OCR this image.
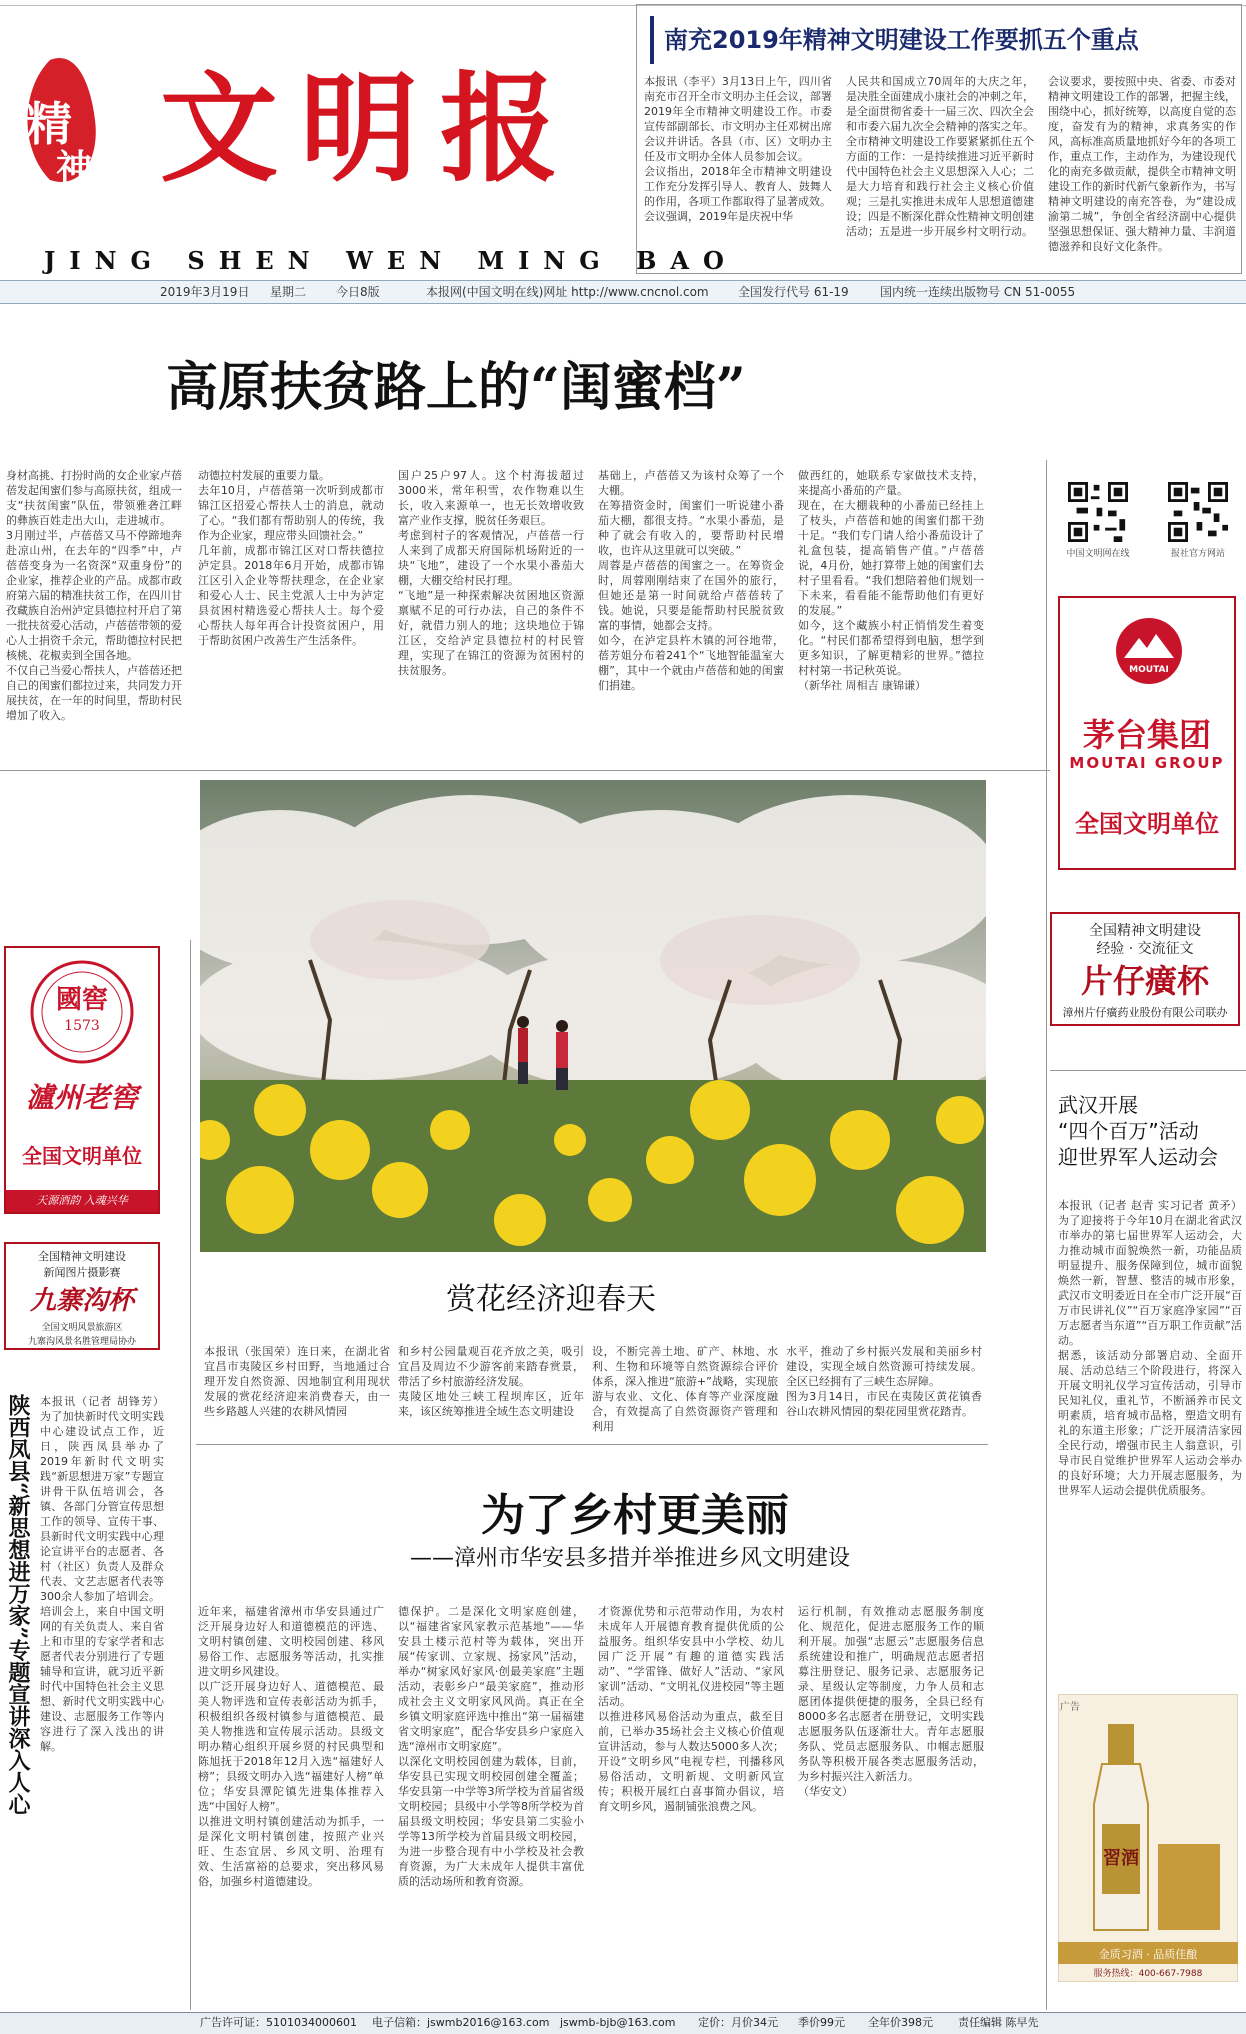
精
神 文明报
JING SHEN WEN MING BAO
2019年3月19日 星期二 今日8版	本报网(中国文明在线)网址 http://www.cncnol.com 全国发行代号 61-19	国内统一连续出版物号 CN 51-0055
南充2019年精神文明建设工作要抓五个重点
本报讯（李平）3月13日上午，四川省南充市召开全市文明办主任会议，部署2019年全市精神文明建设工作。市委宣传部副部长、市文明办主任邓树出席会议并讲话。各县（市、区）文明办主任及市文明办全体人员参加会议。
会议指出，2018年全市精神文明建设工作充分发挥引导人、教育人、鼓舞人的作用，各项工作都取得了显著成效。
会议强调，2019年是庆祝中华
人民共和国成立70周年的大庆之年，是决胜全面建成小康社会的冲刺之年，是全面贯彻省委十一届三次、四次全会和市委六届九次全会精神的落实之年。全市精神文明建设工作要紧紧抓住五个方面的工作：一是持续推进习近平新时代中国特色社会主义思想深入人心；二是大力培育和践行社会主义核心价值观；三是扎实推进未成年人思想道德建设；四是不断深化群众性精神文明创建活动；五是进一步开展乡村文明行动。
会议要求，要按照中央、省委、市委对精神文明建设工作的部署，把握主线，围绕中心，抓好统筹，以高度自觉的态度，奋发有为的精神，求真务实的作风，高标准高质量地抓好今年的各项工作，重点工作，主动作为，为建设现代化的南充多做贡献，提供全市精神文明建设工作的新时代新气象新作为，书写精神文明建设的南充答卷，为“建设成渝第二城”，争创全省经济副中心提供坚强思想保证、强大精神力量、丰润道德滋养和良好文化条件。
高原扶贫路上的“闺蜜档”
身材高挑、打扮时尚的女企业家卢蓓蓓发起闺蜜们参与高原扶贫，组成一支“扶贫闺蜜”队伍，带领雅砻江畔的彝族百姓走出大山，走进城市。
3月刚过半，卢蓓蓓又马不停蹄地奔赴凉山州，在去年的“四季”中，卢蓓蓓变身为一名资深“双重身份”的企业家，推荐企业的产品。成都市政府第六届的精准扶贫工作，在四川甘孜藏族自治州泸定县德拉村开启了第一批扶贫爱心活动，卢蓓蓓带领的爱心人士捐资千余元，帮助德拉村民把核桃、花椒卖到全国各地。
不仅自己当爱心帮扶人，卢蓓蓓还把自己的闺蜜们都拉过来，共同发力开展扶贫，在一年的时间里，帮助村民增加了收入。
动德拉村发展的重要力量。
去年10月，卢蓓蓓第一次听到成都市锦江区招爱心帮扶人士的消息，就动了心。“我们都有帮助别人的传统，我作为企业家，理应带头回馈社会。”
几年前，成都市锦江区对口帮扶德拉泸定县。2018年6月开始，成都市锦江区引入企业等帮扶理念，在企业家和爱心人士、民主党派人士中为泸定县贫困村精选爱心帮扶人士。每个爱心帮扶人每年再合计投资贫困户，用于帮助贫困户改善生产生活条件。
国户25户97人。这个村海拔超过3000米，常年积雪，农作物难以生长，收入来源单一，也无长效增收致富产业作支撑，脱贫任务艰巨。
考虑到村子的客观情况，卢蓓蓓一行人来到了成都天府国际机场附近的一块“飞地”，建设了一个水果小番茄大棚，大棚交给村民打理。
“飞地”是一种探索解决贫困地区资源禀赋不足的可行办法，自己的条件不好，就借力别人的地；这块地位于锦江区，交给泸定县德拉村的村民管理，实现了在锦江的资源为贫困村的扶贫服务。
基础上，卢蓓蓓又为该村众筹了一个大棚。
在筹措资金时，闺蜜们一听说建小番茄大棚，都很支持。“水果小番茄，是种了就会有收入的，要帮助村民增收，也许从这里就可以突破。”
周蓉是卢蓓蓓的闺蜜之一。在筹资金时，周蓉刚刚结束了在国外的旅行，但她还是第一时间就给卢蓓蓓转了钱。她说，只要是能帮助村民脱贫致富的事情，她都会支持。
如今，在泸定县杵木镇的河谷地带，蓓芳姐分布着241个“飞地智能温室大棚”，其中一个就由卢蓓蓓和她的闺蜜们捐建。
做西红的，她联系专家做技术支持，来提高小番茄的产量。
现在，在大棚栽种的小番茄已经挂上了枝头，卢蓓蓓和她的闺蜜们都干劲十足。“我们专门请人给小番茄设计了礼盒包装，提高销售产值。”卢蓓蓓说，4月份，她打算带上她的闺蜜们去村子里看看。“我们想陪着他们规划一下未来，看看能不能帮助他们有更好的发展。”
如今，这个藏族小村正悄悄发生着变化。“村民们都希望得到电脑，想学到更多知识，了解更精彩的世界。”德拉村村第一书记秋英说。
（新华社 周相吉 康锦谦）
中国文明网在线	报社官方网站
MOUTAI
茅台集团
MOUTAI GROUP
全国文明单位
全国精神文明建设
经验 · 交流征文
片仔癀杯
漳州片仔癀药业股份有限公司联办
國窖
1573
瀘州老窖
全国文明单位
天源酒韵 入魂兴华
全国精神文明建设
新闻图片摄影赛
九寨沟杯
全国文明风景旅游区
九寨沟风景名胜管理局协办
赏花经济迎春天
本报讯（张国荣）连日来，在湖北省宜昌市夷陵区乡村田野，当地通过合理开发自然资源、因地制宜利用现状发展的赏花经济迎来消费春天，由一些乡路越人兴建的农耕风情园
和乡村公园量观百花齐放之美，吸引宜昌及周边不少游客前来踏春赏景，带活了乡村旅游经济发展。
夷陵区地处三峡工程坝库区，近年来，该区统筹推进全域生态文明建设
设，不断完善土地、矿产、林地、水利、生物和环境等自然资源综合评价体系，深入推进“旅游+”战略，实现旅游与农业、文化、体育等产业深度融合，有效提高了自然资源资产管理和利用
水平，推动了乡村振兴发展和美丽乡村建设，实现全域自然资源可持续发展。全区已经拥有了三峡生态屏障。
图为3月14日，市民在夷陵区黄花镇香谷山农耕风情园的梨花园里赏花踏青。
武汉开展
“四个百万”活动
迎世界军人运动会
本报讯（记者 赵青 实习记者 黄矛）为了迎接将于今年10月在湖北省武汉市举办的第七届世界军人运动会，大力推动城市面貌焕然一新，功能品质明显提升、服务保障到位，城市面貌焕然一新，智慧、整洁的城市形象，武汉市文明委近日在全市广泛开展“百万市民讲礼仪”“百万家庭净家园”“百万志愿者当东道”“百万职工作贡献”活动。
据悉，该活动分部署启动、全面开展、活动总结三个阶段进行，将深入开展文明礼仪学习宣传活动，引导市民知礼仪，重礼节，不断涵养市民文明素质，培育城市品格，塑造文明有礼的东道主形象；广泛开展清洁家园全民行动，增强市民主人翁意识，引导市民自觉维护世界军人运动会举办的良好环境；大力开展志愿服务，为世界军人运动会提供优质服务。
習酒
金质习酒 · 品质佳酿
服务热线：400-667-7988
广告
为了乡村更美丽
——漳州市华安县多措并举推进乡风文明建设
近年来，福建省漳州市华安县通过广泛开展身边好人和道德模范的评选、文明村镇创建、文明校园创建、移风易俗工作、志愿服务等活动，扎实推进文明乡风建设。
以广泛开展身边好人、道德模范、最美人物评选和宣传表彰活动为抓手，积极组织各级村镇参与道德模范、最美人物推选和宣传展示活动。县级文明办精心组织开展乡贤的村民典型和陈旭抚于2018年12月入选“福建好人榜”；县级文明办入选“福建好人榜”单位；华安县潭陀镇先进集体推荐入选“中国好人榜”。
以推进文明村镇创建活动为抓手，一是深化文明村镇创建，按照产业兴旺、生态宜居、乡风文明、治理有效、生活富裕的总要求，突出移风易俗，加强乡村道德建设。
德保护。二是深化文明家庭创建，以“福建省家风家教示范基地”——华安县土楼示范村等为载体，突出开展“传家训、立家规、扬家风”活动，举办“树家风好家风·创最美家庭”主题活动，表彰乡户“最美家庭”，推动形成社会主义文明家风风尚。真正在全乡镇文明家庭评选中推出“第一届福建省文明家庭”，配合华安县乡户家庭入选“漳州市文明家庭”。
以深化文明校园创建为载体，目前，华安县已实现文明校园创建全覆盖；华安县第一中学等3所学校为首届省级文明校园；县级中小学等8所学校为首届县级文明校园；华安县第二实验小学等13所学校为首届县级文明校园，为进一步整合现有中小学校及社会教育资源，为广大未成年人提供丰富优质的活动场所和教育资源。
才资源优势和示范带动作用，为农村未成年人开展德育教育提供优质的公益服务。组织华安县中小学校、幼儿园广泛开展“有趣的道德实践活动”、“学雷锋、做好人”活动、“家风家训”活动、“文明礼仪进校园”等主题活动。
以推进移风易俗活动为重点，截至目前，已举办35场社会主义核心价值观宣讲活动，参与人数达5000多人次；开设“文明乡风”电视专栏，刊播移风易俗活动，文明新规、文明新风宣传；积极开展红白喜事简办倡议，培育文明乡风，遏制铺张浪费之风。
运行机制，有效推动志愿服务制度化、规范化，促进志愿服务工作的顺利开展。加强“志愿云”志愿服务信息系统建设和推广，明确规范志愿者招募注册登记、服务记录、志愿服务记录、星级认定等制度，力争人员和志愿团体提供便捷的服务，全县已经有8000多名志愿者在册登记，文明实践志愿服务队伍逐渐壮大。青年志愿服务队、党员志愿服务队、巾帼志愿服务队等积极开展各类志愿服务活动，为乡村振兴注入新活力。
（华安文）
陕西凤县“新思想进万家”专题宣讲深入人心 本报讯（记者 胡锋芳）为了加快新时代文明实践中心建设试点工作，近日，陕西凤县举办了2019年新时代文明实践“新思想进万家”专题宣讲骨干队伍培训会，各镇、各部门分管宣传思想工作的领导、宣传干事、县新时代文明实践中心理论宣讲平台的志愿者、各村（社区）负责人及群众代表、文艺志愿者代表等300余人参加了培训会。
培训会上，来自中国文明网的有关负责人、来自省上和市里的专家学者和志愿者代表分别进行了专题辅导和宣讲，就习近平新时代中国特色社会主义思想、新时代文明实践中心建设、志愿服务工作等内容进行了深入浅出的讲解。
广告许可证：5101034000601 电子信箱：jswmb2016@163.com jswmb-bjb@163.com 定价：月价34元 季价99元 全年价398元 责任编辑 陈早先
